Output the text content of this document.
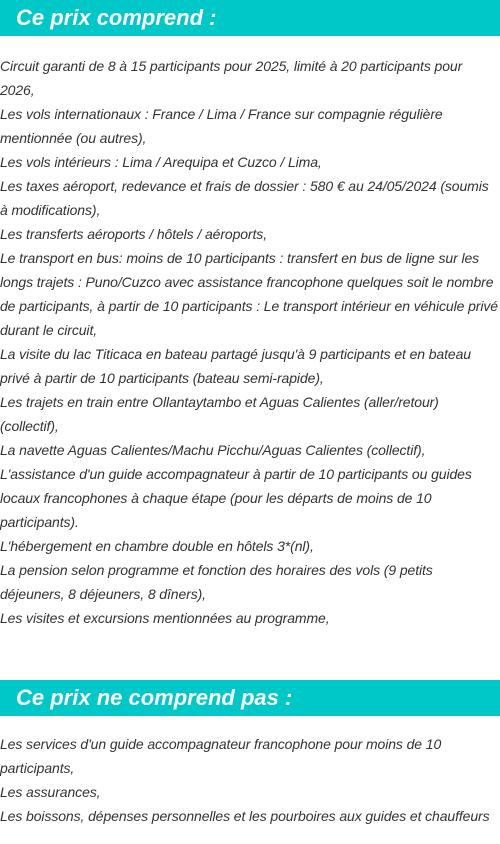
Ce prix comprend :
Circuit garanti de 8 à 15 participants pour 2025, limité à 20 participants pour 2026,
Les vols internationaux : France / Lima / France sur compagnie régulière mentionnée (ou autres),
Les vols intérieurs : Lima / Arequipa et Cuzco / Lima,
Les taxes aéroport, redevance et frais de dossier : 580 € au 24/05/2024 (soumis à modifications),
Les transferts aéroports / hôtels / aéroports,
Le transport en bus: moins de 10 participants : transfert en bus de ligne sur les longs trajets : Puno/Cuzco avec assistance francophone quelques soit le nombre de participants, à partir de 10 participants : Le transport intérieur en véhicule privé durant le circuit,
La visite du lac Titicaca en bateau partagé jusqu'à 9 participants et en bateau privé à partir de 10 participants (bateau semi-rapide),
Les trajets en train entre Ollantaytambo et Aguas Calientes (aller/retour) (collectif),
La navette Aguas Calientes/Machu Picchu/Aguas Calientes (collectif),
L'assistance d'un guide accompagnateur à partir de 10 participants ou guides locaux francophones à chaque étape (pour les départs de moins de 10 participants).
L'hébergement en chambre double en hôtels 3*(nl),
La pension selon programme et fonction des horaires des vols (9 petits déjeuners, 8 déjeuners, 8 dîners),
Les visites et excursions mentionnées au programme,
Ce prix ne comprend pas :
Les services d'un guide accompagnateur francophone pour moins de 10 participants,
Les assurances,
Les boissons, dépenses personnelles et les pourboires aux guides et chauffeurs
